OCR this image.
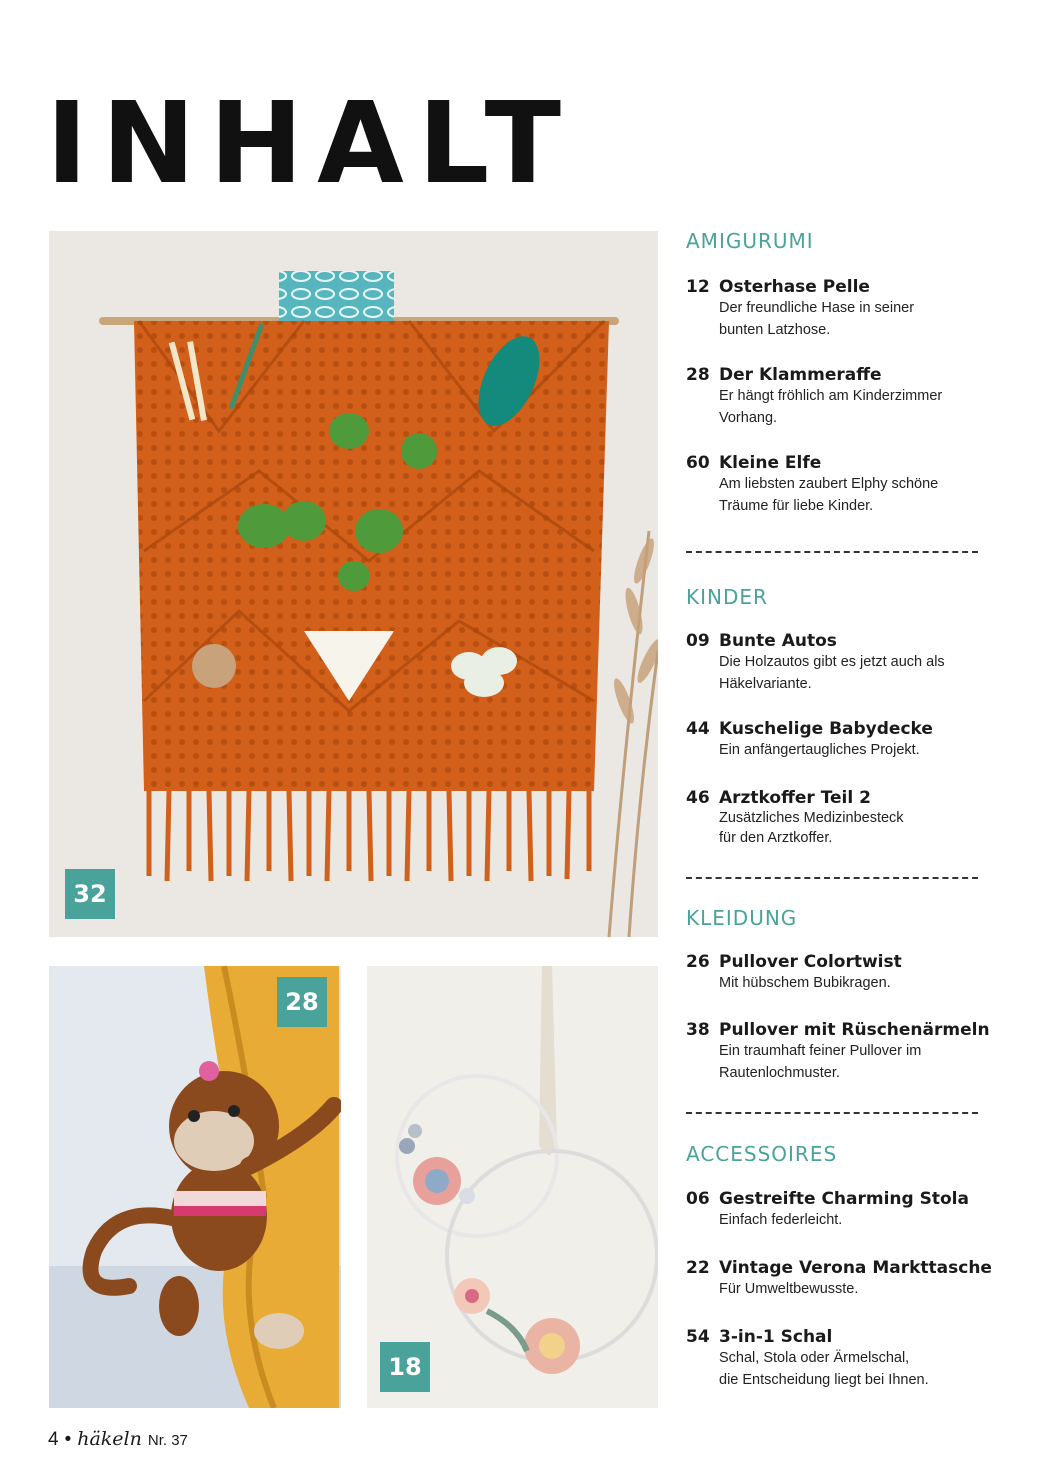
INHALT
32
28
18
AMIGURUMI
12 Osterhase Pelle
Der freundliche Hase in seiner
bunten Latzhose.
28 Der Klammeraffe
Er hängt fröhlich am Kinderzimmer
Vorhang.
60 Kleine Elfe
Am liebsten zaubert Elphy schöne
Träume für liebe Kinder.
KINDER
09 Bunte Autos
Die Holzautos gibt es jetzt auch als
Häkelvariante.
44 Kuschelige Babydecke
Ein anfängertaugliches Projekt.
46 Arztkoffer Teil 2
Zusätzliches Medizinbesteck
für den Arztkoffer.
KLEIDUNG
26 Pullover Colortwist
Mit hübschem Bubikragen.
38 Pullover mit Rüschenärmeln
Ein traumhaft feiner Pullover im
Rautenlochmuster.
ACCESSOIRES
06 Gestreifte Charming Stola
Einfach federleicht.
22 Vintage Verona Markttasche
Für Umweltbewusste.
54 3-in-1 Schal
Schal, Stola oder Ärmelschal,
die Entscheidung liegt bei Ihnen.
4 • häkeln Nr. 37
